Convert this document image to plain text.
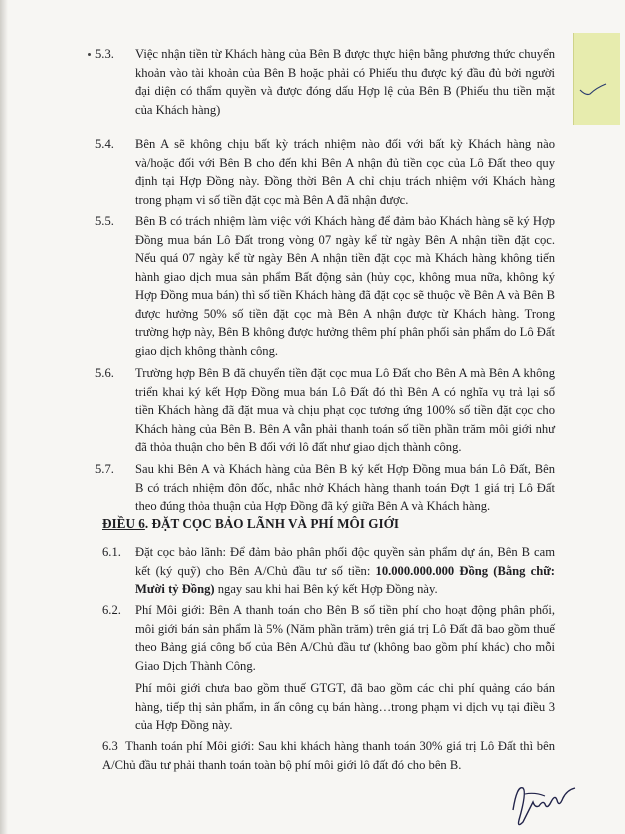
5.3. Việc nhận tiền từ Khách hàng của Bên B được thực hiện bằng phương thức chuyển khoản vào tài khoản của Bên B hoặc phải có Phiếu thu được ký đầu đủ bởi người đại diện có thẩm quyền và được đóng dấu Hợp lệ của Bên B (Phiếu thu tiền mặt của Khách hàng)
5.4. Bên A sẽ không chịu bất kỳ trách nhiệm nào đối với bất kỳ Khách hàng nào và/hoặc đối với Bên B cho đến khi Bên A nhận đủ tiền cọc của Lô Đất theo quy định tại Hợp Đồng này. Đồng thời Bên A chỉ chịu trách nhiệm với Khách hàng trong phạm vi số tiền đặt cọc mà Bên A đã nhận được.
5.5. Bên B có trách nhiệm làm việc với Khách hàng để đảm bảo Khách hàng sẽ ký Hợp Đồng mua bán Lô Đất trong vòng 07 ngày kể từ ngày Bên A nhận tiền đặt cọc. Nếu quá 07 ngày kể từ ngày Bên A nhận tiền đặt cọc mà Khách hàng không tiến hành giao dịch mua sản phẩm Bất động sản (hủy cọc, không mua nữa, không ký Hợp Đồng mua bán) thì số tiền Khách hàng đã đặt cọc sẽ thuộc về Bên A và Bên B được hưởng 50% số tiền đặt cọc mà Bên A nhận được từ Khách hàng. Trong trường hợp này, Bên B không được hưởng thêm phí phân phối sản phẩm do Lô Đất giao dịch không thành công.
5.6. Trường hợp Bên B đã chuyển tiền đặt cọc mua Lô Đất cho Bên A mà Bên A không triển khai ký kết Hợp Đồng mua bán Lô Đất đó thì Bên A có nghĩa vụ trả lại số tiền Khách hàng đã đặt mua và chịu phạt cọc tương ứng 100% số tiền đặt cọc cho Khách hàng của Bên B. Bên A vẫn phải thanh toán số tiền phần trăm môi giới như đã thỏa thuận cho bên B đối với lô đất như giao dịch thành công.
5.7. Sau khi Bên A và Khách hàng của Bên B ký kết Hợp Đồng mua bán Lô Đất, Bên B có trách nhiệm đôn đốc, nhắc nhở Khách hàng thanh toán Đợt 1 giá trị Lô Đất theo đúng thỏa thuận của Hợp Đồng đã ký giữa Bên A và Khách hàng.
ĐIỀU 6. ĐẶT CỌC BẢO LÃNH VÀ PHÍ MÔI GIỚI
6.1. Đặt cọc bảo lãnh: Để đảm bảo phân phối độc quyền sản phẩm dự án, Bên B cam kết (ký quỹ) cho Bên A/Chủ đầu tư số tiền: 10.000.000.000 Đồng (Bằng chữ: Mười tỷ Đồng) ngay sau khi hai Bên ký kết Hợp Đồng này.
6.2. Phí Môi giới: Bên A thanh toán cho Bên B số tiền phí cho hoạt động phân phối, môi giới bán sản phẩm là 5% (Năm phần trăm) trên giá trị Lô Đất đã bao gồm thuế theo Bảng giá công bố của Bên A/Chủ đầu tư (không bao gồm phí khác) cho mỗi Giao Dịch Thành Công.
Phí môi giới chưa bao gồm thuế GTGT, đã bao gồm các chi phí quảng cáo bán hàng, tiếp thị sản phẩm, in ấn công cụ bán hàng…trong phạm vi dịch vụ tại điều 3 của Hợp Đồng này.
6.3 Thanh toán phí Môi giới: Sau khi khách hàng thanh toán 30% giá trị Lô Đất thì bên A/Chủ đầu tư phải thanh toán toàn bộ phí môi giới lô đất đó cho bên B.
